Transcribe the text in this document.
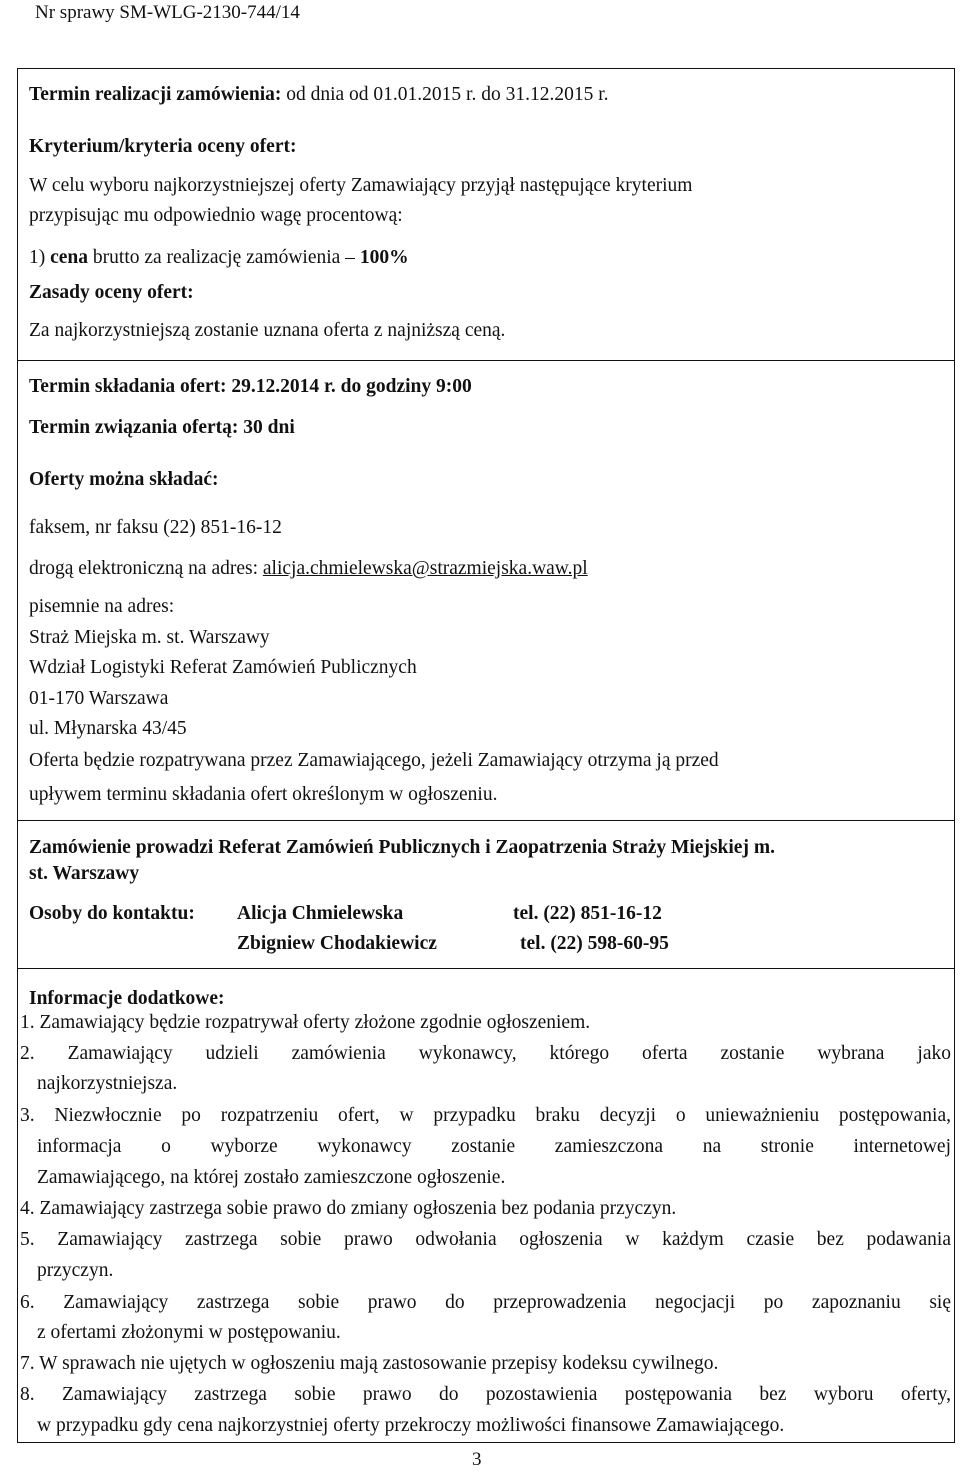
Nr sprawy SM-WLG-2130-744/14
Termin realizacji zamówienia: od dnia od 01.01.2015 r. do 31.12.2015 r.
Kryterium/kryteria oceny ofert:
W celu wyboru najkorzystniejszej oferty Zamawiający przyjął następujące kryterium
przypisując mu odpowiednio wagę procentową:
1) cena brutto za realizację zamówienia – 100%
Zasady oceny ofert:
Za najkorzystniejszą zostanie uznana oferta z najniższą ceną.
Termin składania ofert: 29.12.2014 r. do godziny 9:00
Termin związania ofertą: 30 dni
Oferty można składać:
faksem, nr faksu (22) 851-16-12
drogą elektroniczną na adres: alicja.chmielewska@strazmiejska.waw.pl
pisemnie na adres:
Straż Miejska m. st. Warszawy
Wdział Logistyki Referat Zamówień Publicznych
01-170 Warszawa
ul. Młynarska 43/45
Oferta będzie rozpatrywana przez Zamawiającego, jeżeli Zamawiający otrzyma ją przed
upływem terminu składania ofert określonym w ogłoszeniu.
Zamówienie prowadzi Referat Zamówień Publicznych i Zaopatrzenia Straży Miejskiej m.
st. Warszawy
Osoby do kontaktu: Alicja Chmielewska	tel. (22) 851-16-12
Zbigniew Chodakiewicz	tel. (22) 598-60-95
Informacje dodatkowe:
1. Zamawiający będzie rozpatrywał oferty złożone zgodnie ogłoszeniem.
2. Zamawiający udzieli zamówienia wykonawcy, którego oferta zostanie wybrana jako
najkorzystniejsza.
3. Niezwłocznie po rozpatrzeniu ofert, w przypadku braku decyzji o unieważnieniu postępowania,
informacja o wyborze wykonawcy zostanie zamieszczona na stronie internetowej
Zamawiającego, na której zostało zamieszczone ogłoszenie.
4. Zamawiający zastrzega sobie prawo do zmiany ogłoszenia bez podania przyczyn.
5. Zamawiający zastrzega sobie prawo odwołania ogłoszenia w każdym czasie bez podawania
przyczyn.
6. Zamawiający zastrzega sobie prawo do przeprowadzenia negocjacji po zapoznaniu się
z ofertami złożonymi w postępowaniu.
7. W sprawach nie ujętych w ogłoszeniu mają zastosowanie przepisy kodeksu cywilnego.
8. Zamawiający zastrzega sobie prawo do pozostawienia postępowania bez wyboru oferty,
w przypadku gdy cena najkorzystniej oferty przekroczy możliwości finansowe Zamawiającego.
3
